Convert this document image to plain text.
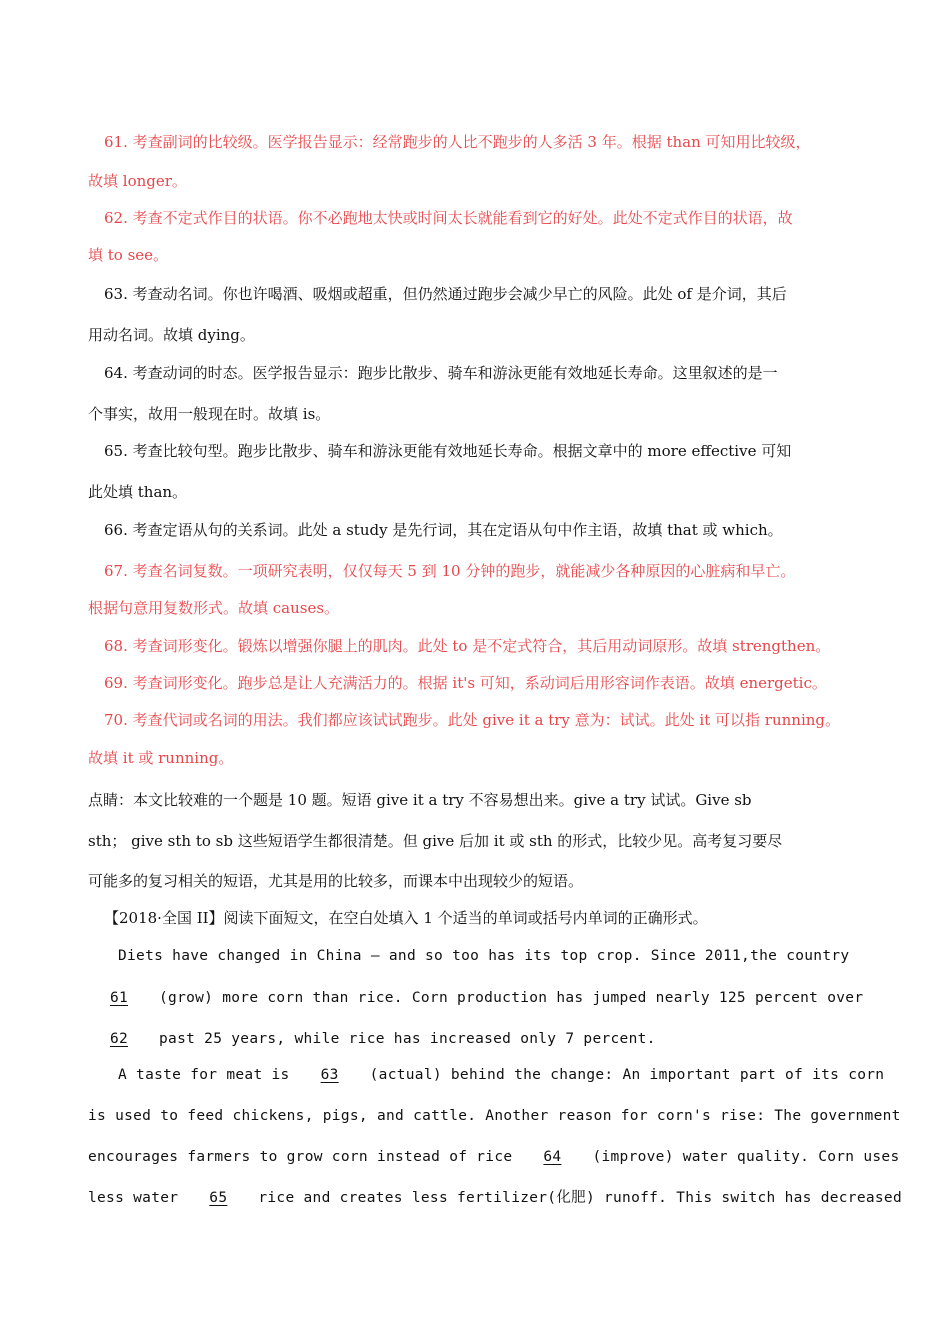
61. 考查副词的比较级。医学报告显示：经常跑步的人比不跑步的人多活 3 年。根据 than 可知用比较级，
故填 longer。
62. 考查不定式作目的状语。你不必跑地太快或时间太长就能看到它的好处。此处不定式作目的状语，故
填 to see。
63. 考查动名词。你也许喝酒、吸烟或超重，但仍然通过跑步会减少早亡的风险。此处 of 是介词，其后
用动名词。故填 dying。
64. 考查动词的时态。医学报告显示：跑步比散步、骑车和游泳更能有效地延长寿命。这里叙述的是一
个事实，故用一般现在时。故填 is。
65. 考查比较句型。跑步比散步、骑车和游泳更能有效地延长寿命。根据文章中的 more effective 可知
此处填 than。
66. 考查定语从句的关系词。此处 a study 是先行词，其在定语从句中作主语，故填 that 或 which。
67. 考查名词复数。一项研究表明，仅仅每天 5 到 10 分钟的跑步，就能减少各种原因的心脏病和早亡。
根据句意用复数形式。故填 causes。
68. 考查词形变化。锻炼以增强你腿上的肌肉。此处 to 是不定式符合，其后用动词原形。故填 strengthen。
69. 考查词形变化。跑步总是让人充满活力的。根据 it's 可知，系动词后用形容词作表语。故填 energetic。
70. 考查代词或名词的用法。我们都应该试试跑步。此处 give it a try 意为：试试。此处 it 可以指 running。
故填 it 或 running。
点睛：本文比较难的一个题是 10 题。短语 give it a try 不容易想出来。give a try 试试。Give sb
sth； give sth to sb 这些短语学生都很清楚。但 give 后加 it 或 sth 的形式，比较少见。高考复习要尽
可能多的复习相关的短语，尤其是用的比较多，而课本中出现较少的短语。
【2018·全国 II】阅读下面短文，在空白处填入 1 个适当的单词或括号内单词的正确形式。
Diets have changed in China — and so too has its top crop. Since 2011,the country
61 (grow) more corn than rice. Corn production has jumped nearly 125 percent over
62 past 25 years, while rice has increased only 7 percent.
A taste for meat is 63 (actual) behind the change: An important part of its corn
is used to feed chickens, pigs, and cattle. Another reason for corn's rise: The government
encourages farmers to grow corn instead of rice 64 (improve) water quality. Corn uses
less water 65 rice and creates less fertilizer(化肥) runoff. This switch has decreased
